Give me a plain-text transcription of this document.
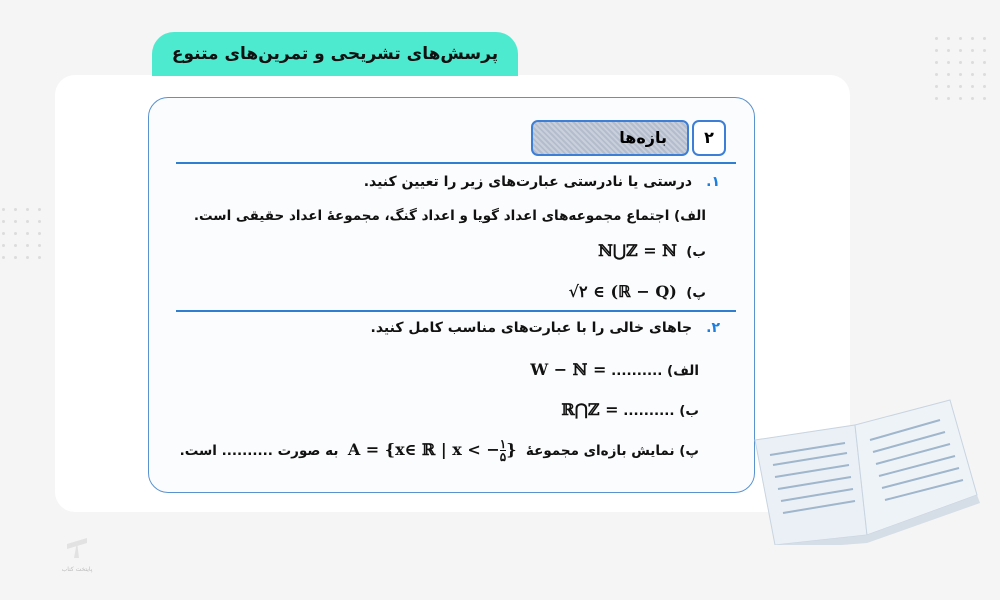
پرسش‌های تشریحی و تمرین‌های متنوع
بازه‌ها	۲
۱.درستی یا نادرستی عبارت‌های زیر را تعیین کنید.
الف) اجتماع مجموعه‌های اعداد گویا و اعداد گنگ، مجموعهٔ اعداد حقیقی است.
ب)  ℕ⋃ℤ = ℕ
پ)  √۲ ∈ (ℝ − Q)
۲.جاهای خالی را با عبارت‌های مناسب کامل کنید.
الف) .......... W − ℕ =
ب) .......... ℝ⋂ℤ =
پ) نمایش بازه‌ای مجموعهٔ  A = {x∈ ℝ | x < − ۱
۵ }  به صورت .......... است.
پایتخت کتاب
